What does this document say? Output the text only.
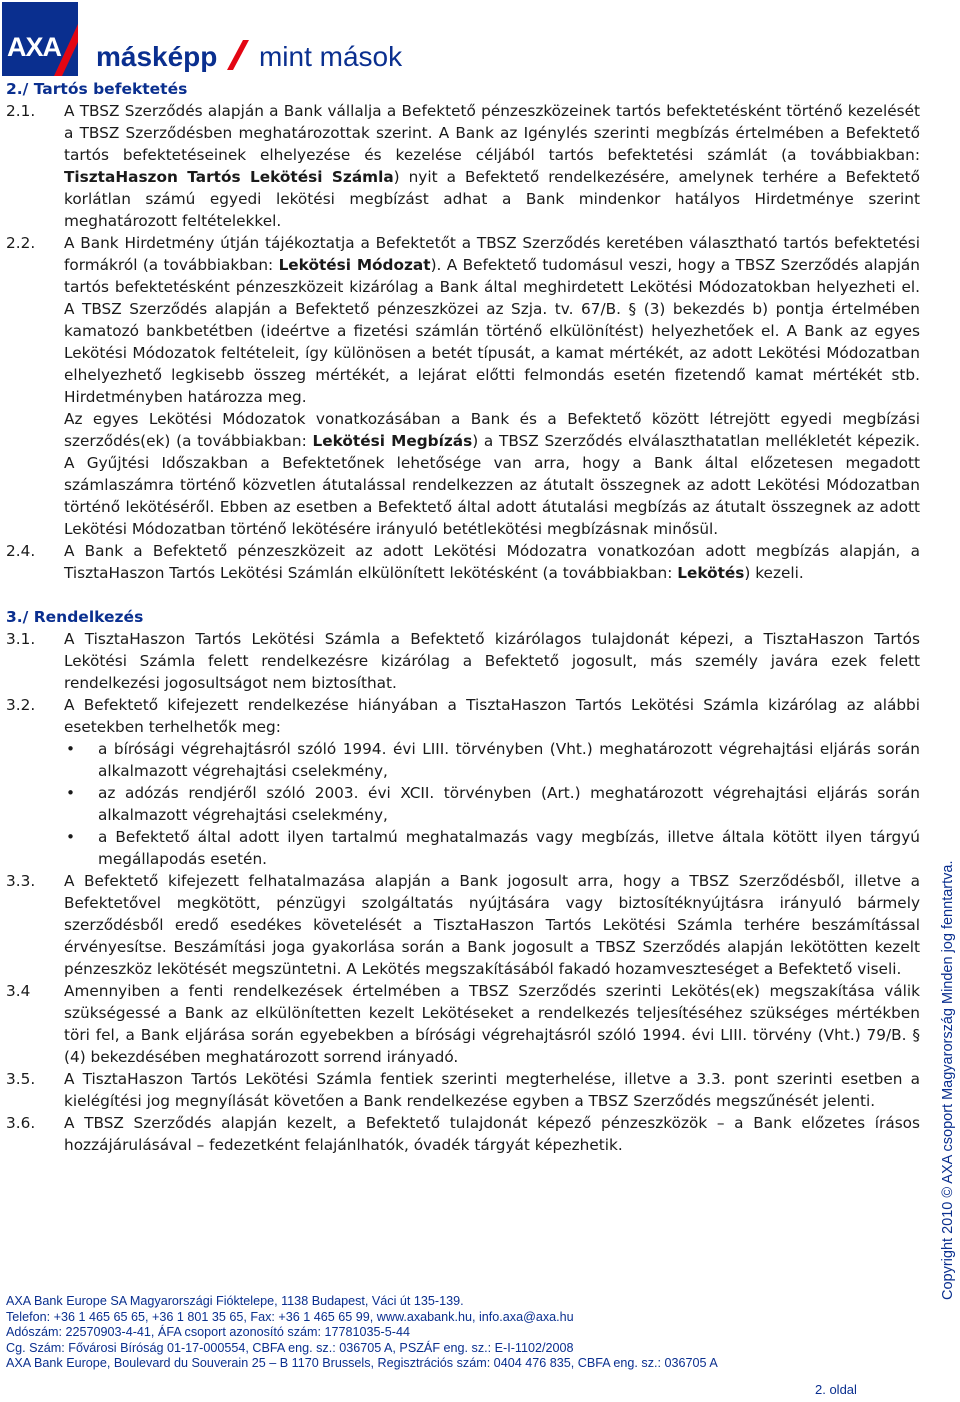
AXA másképp mint mások
2./ Tartós befektetés
2.1.	A TBSZ Szerződés alapján a Bank vállalja a Befektető pénzeszközeinek tartós befektetésként történő kezelését a TBSZ Szerződésben meghatározottak szerint. A Bank az Igénylés szerinti megbízás értelmében a Befektető tartós befektetéseinek elhelyezése és kezelése céljából tartós befektetési számlát (a továbbiakban: TisztaHaszon Tartós Lekötési Számla) nyit a Befektető rendelkezésére, amelynek terhére a Befektető korlátlan számú egyedi lekötési megbízást adhat a Bank mindenkor hatályos Hirdetménye szerint meghatározott feltételekkel.
2.2.	A Bank Hirdetmény útján tájékoztatja a Befektetőt a TBSZ Szerződés keretében választható tartós befektetési formákról (a továbbiakban: Lekötési Módozat). A Befektető tudomásul veszi, hogy a TBSZ Szerződés alapján tartós befektetésként pénzeszközeit kizárólag a Bank által meghirdetett Lekötési Módozatokban helyezheti el. A TBSZ Szerződés alapján a Befektető pénzeszközei az Szja. tv. 67/B. § (3) bekezdés b) pontja értelmében kamatozó bankbetétben (ideértve a fizetési számlán történő elkülönítést) helyezhetőek el. A Bank az egyes Lekötési Módozatok feltételeit, így különösen a betét típusát, a kamat mértékét, az adott Lekötési Módozatban elhelyezhető legkisebb összeg mértékét, a lejárat előtti felmondás esetén fizetendő kamat mértékét stb. Hirdetményben határozza meg.
Az egyes Lekötési Módozatok vonatkozásában a Bank és a Befektető között létrejött egyedi megbízási szerződés(ek) (a továbbiakban: Lekötési Megbízás) a TBSZ Szerződés elválaszthatatlan mellékletét képezik. A Gyűjtési Időszakban a Befektetőnek lehetősége van arra, hogy a Bank által előzetesen megadott számlaszámra történő közvetlen átutalással rendelkezzen az átutalt összegnek az adott Lekötési Módozatban történő lekötéséről. Ebben az esetben a Befektető által adott átutalási megbízás az átutalt összegnek az adott Lekötési Módozatban történő lekötésére irányuló betétlekötési megbízásnak minősül.
2.4.	A Bank a Befektető pénzeszközeit az adott Lekötési Módozatra vonatkozóan adott megbízás alapján, a TisztaHaszon Tartós Lekötési Számlán elkülönített lekötésként (a továbbiakban: Lekötés) kezeli.
3./ Rendelkezés
3.1.	A TisztaHaszon Tartós Lekötési Számla a Befektető kizárólagos tulajdonát képezi, a TisztaHaszon Tartós Lekötési Számla felett rendelkezésre kizárólag a Befektető jogosult, más személy javára ezek felett rendelkezési jogosultságot nem biztosíthat.
3.2.	A Befektető kifejezett rendelkezése hiányában a TisztaHaszon Tartós Lekötési Számla kizárólag az alábbi esetekben terhelhetők meg:
•	a bírósági végrehajtásról szóló 1994. évi LIII. törvényben (Vht.) meghatározott végrehajtási eljárás során alkalmazott végrehajtási cselekmény,
•	az adózás rendjéről szóló 2003. évi XCII. törvényben (Art.) meghatározott végrehajtási eljárás során alkalmazott végrehajtási cselekmény,
•	a Befektető által adott ilyen tartalmú meghatalmazás vagy megbízás, illetve általa kötött ilyen tárgyú megállapodás esetén.
3.3.	A Befektető kifejezett felhatalmazása alapján a Bank jogosult arra, hogy a TBSZ Szerződésből, illetve a Befektetővel megkötött, pénzügyi szolgáltatás nyújtására vagy biztosítéknyújtásra irányuló bármely szerződésből eredő esedékes követelését a TisztaHaszon Tartós Lekötési Számla terhére beszámítással érvényesítse. Beszámítási joga gyakorlása során a Bank jogosult a TBSZ Szerződés alapján lekötötten kezelt pénzeszköz lekötését megszüntetni. A Lekötés megszakításából fakadó hozamveszteséget a Befektető viseli.
3.4	Amennyiben a fenti rendelkezések értelmében a TBSZ Szerződés szerinti Lekötés(ek) megszakítása válik szükségessé a Bank az elkülönítetten kezelt Lekötéseket a rendelkezés teljesítéséhez szükséges mértékben töri fel, a Bank eljárása során egyebekben a bírósági végrehajtásról szóló 1994. évi LIII. törvény (Vht.) 79/B. § (4) bekezdésében meghatározott sorrend irányadó.
3.5.	A TisztaHaszon Tartós Lekötési Számla fentiek szerinti megterhelése, illetve a 3.3. pont szerinti esetben a kielégítési jog megnyílását követően a Bank rendelkezése egyben a TBSZ Szerződés megszűnését jelenti.
3.6.	A TBSZ Szerződés alapján kezelt, a Befektető tulajdonát képező pénzeszközök – a Bank előzetes írásos hozzájárulásával – fedezetként felajánlhatók, óvadék tárgyát képezhetik.	Copyright 2010 © AXA csoport Magyarország Minden jog fenntartva.
AXA Bank Europe SA Magyarországi Fióktelepe, 1138 Budapest, Váci út 135-139.
Telefon: +36 1 465 65 65, +36 1 801 35 65, Fax: +36 1 465 65 99, www.axabank.hu, info.axa@axa.hu
Adószám: 22570903-4-41, ÁFA csoport azonosító szám: 17781035-5-44
Cg. Szám: Fővárosi Bíróság 01-17-000554, CBFA eng. sz.: 036705 A, PSZÁF eng. sz.: E-I-1102/2008
AXA Bank Europe, Boulevard du Souverain 25 – B 1170 Brussels, Regisztrációs szám: 0404 476 835, CBFA eng. sz.: 036705 A
2. oldal
